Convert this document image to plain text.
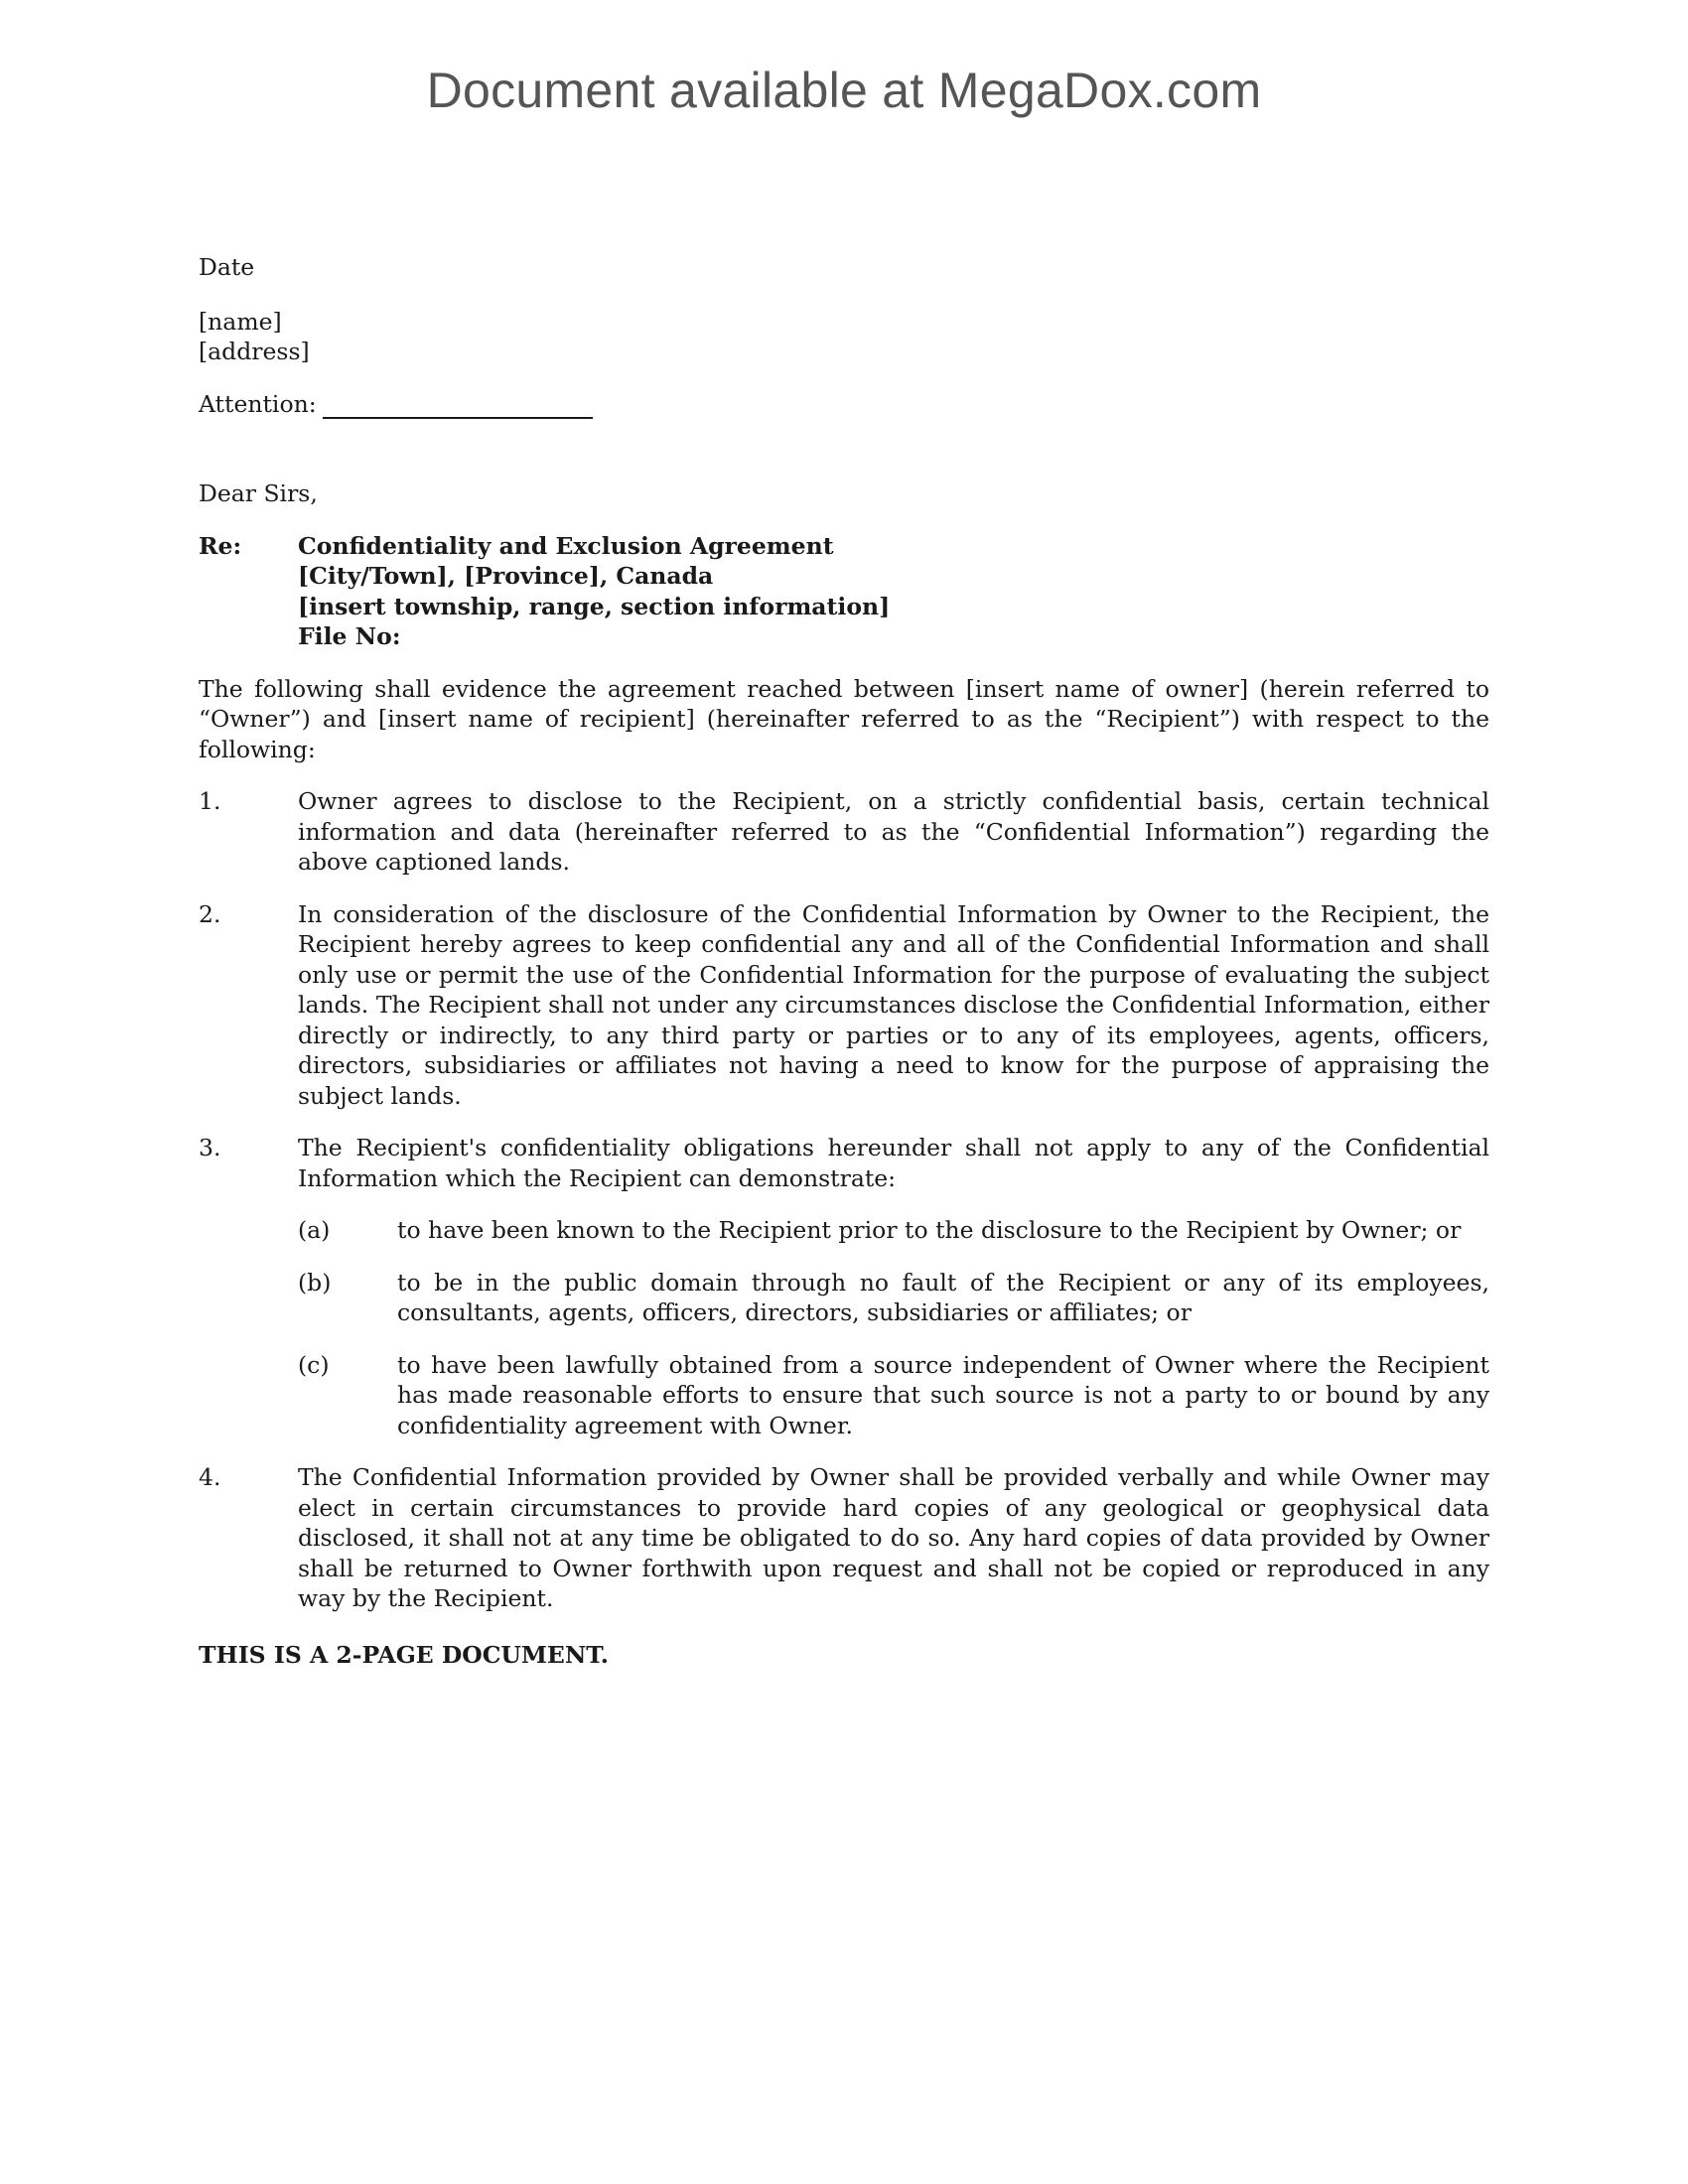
Document available at MegaDox.com
Date
[name]
[address]
Attention:
Dear Sirs,
Re:	Confidentiality and Exclusion Agreement
[City/Town], [Province], Canada
[insert township, range, section information]
File No:
The following shall evidence the agreement reached between [insert name of owner] (herein referred to “Owner”) and [insert name of recipient] (hereinafter referred to as the “Recipient”) with respect to the following:
1.	Owner agrees to disclose to the Recipient, on a strictly confidential basis, certain technical information and data (hereinafter referred to as the “Confidential Information”) regarding the above captioned lands.
2.	In consideration of the disclosure of the Confidential Information by Owner to the Recipient, the Recipient hereby agrees to keep confidential any and all of the Confidential Information and shall only use or permit the use of the Confidential Information for the purpose of evaluating the subject lands. The Recipient shall not under any circumstances disclose the Confidential Information, either directly or indirectly, to any third party or parties or to any of its employees, agents, officers, directors, subsidiaries or affiliates not having a need to know for the purpose of appraising the subject lands.
3.	The Recipient's confidentiality obligations hereunder shall not apply to any of the Confidential Information which the Recipient can demonstrate:
(a)	to have been known to the Recipient prior to the disclosure to the Recipient by Owner; or
(b)	to be in the public domain through no fault of the Recipient or any of its employees, consultants, agents, officers, directors, subsidiaries or affiliates; or
(c)	to have been lawfully obtained from a source independent of Owner where the Recipient has made reasonable efforts to ensure that such source is not a party to or bound by any confidentiality agreement with Owner.
4.	The Confidential Information provided by Owner shall be provided verbally and while Owner may elect in certain circumstances to provide hard copies of any geological or geophysical data disclosed, it shall not at any time be obligated to do so. Any hard copies of data provided by Owner shall be returned to Owner forthwith upon request and shall not be copied or reproduced in any way by the Recipient.
THIS IS A 2-PAGE DOCUMENT.
